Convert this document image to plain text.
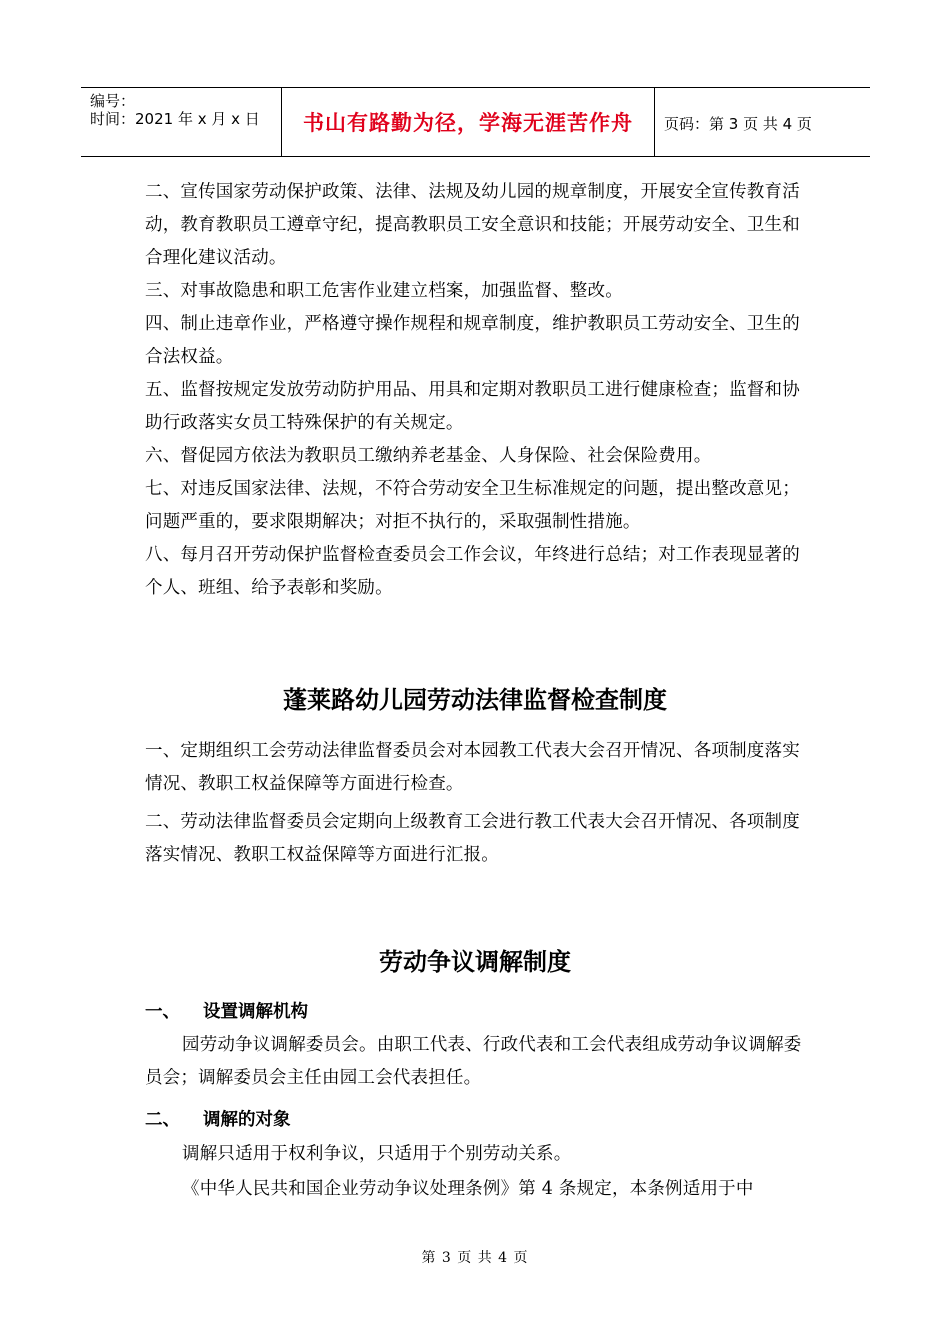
编号：
时间：2021 年 x 月 x 日	书山有路勤为径，学海无涯苦作舟	页码：第 3 页 共 4 页
二、宣传国家劳动保护政策、法律、法规及幼儿园的规章制度，开展安全宣传教育活动，教育教职员工遵章守纪，提高教职员工安全意识和技能；开展劳动安全、卫生和合理化建议活动。
三、对事故隐患和职工危害作业建立档案，加强监督、整改。
四、制止违章作业，严格遵守操作规程和规章制度，维护教职员工劳动安全、卫生的合法权益。
五、监督按规定发放劳动防护用品、用具和定期对教职员工进行健康检查；监督和协助行政落实女员工特殊保护的有关规定。
六、督促园方依法为教职员工缴纳养老基金、人身保险、社会保险费用。
七、对违反国家法律、法规，不符合劳动安全卫生标准规定的问题，提出整改意见；问题严重的，要求限期解决；对拒不执行的，采取强制性措施。
八、每月召开劳动保护监督检查委员会工作会议，年终进行总结；对工作表现显著的个人、班组、给予表彰和奖励。
蓬莱路幼儿园劳动法律监督检查制度
一、定期组织工会劳动法律监督委员会对本园教工代表大会召开情况、各项制度落实情况、教职工权益保障等方面进行检查。
二、劳动法律监督委员会定期向上级教育工会进行教工代表大会召开情况、各项制度落实情况、教职工权益保障等方面进行汇报。
劳动争议调解制度
一、 设置调解机构
园劳动争议调解委员会。由职工代表、行政代表和工会代表组成劳动争议调解委员会；调解委员会主任由园工会代表担任。
二、 调解的对象
调解只适用于权利争议，只适用于个别劳动关系。
《中华人民共和国企业劳动争议处理条例》第 4 条规定，本条例适用于中
第 3 页 共 4 页
